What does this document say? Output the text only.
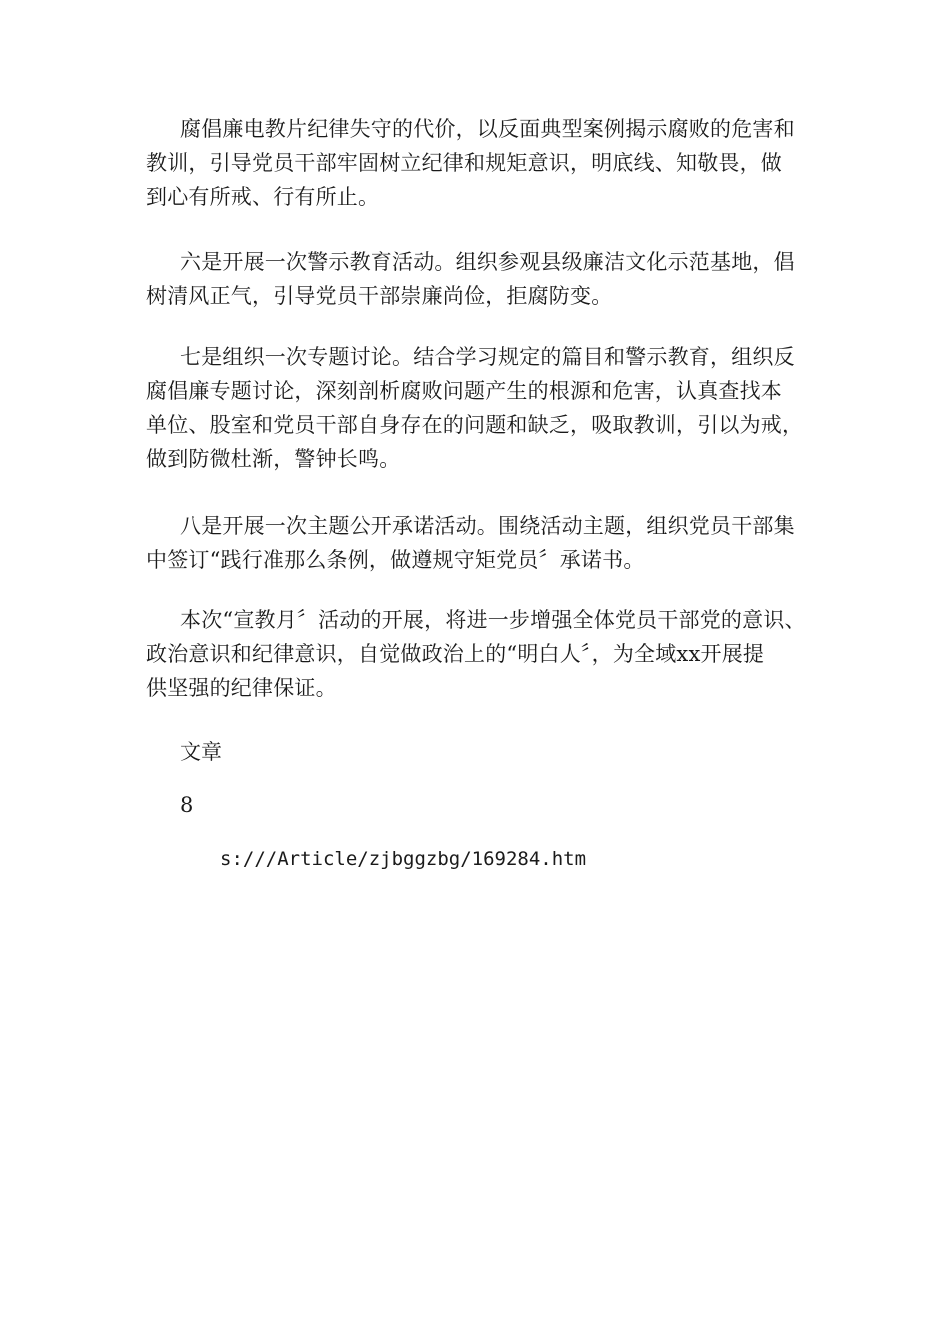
腐倡廉电教片纪律失守的代价，以反面典型案例揭示腐败的危害和
教训，引导党员干部牢固树立纪律和规矩意识，明底线、知敬畏，做
到心有所戒、行有所止。

六是开展一次警示教育活动。组织参观县级廉洁文化示范基地，倡
树清风正气，引导党员干部崇廉尚俭，拒腐防变。

七是组织一次专题讨论。结合学习规定的篇目和警示教育，组织反
腐倡廉专题讨论，深刻剖析腐败问题产生的根源和危害，认真查找本
单位、股室和党员干部自身存在的问题和缺乏，吸取教训，引以为戒，
做到防微杜渐，警钟长鸣。

八是开展一次主题公开承诺活动。围绕活动主题，组织党员干部集
中签订“践行准那么条例，做遵规守矩党员〞承诺书。

本次“宣教月〞活动的开展，将进一步增强全体党员干部党的意识、
政治意识和纪律意识，自觉做政治上的“明白人〞，为全域xx开展提
供坚强的纪律保证。

文章

8

s:///Article/zjbggzbg/169284.htm
